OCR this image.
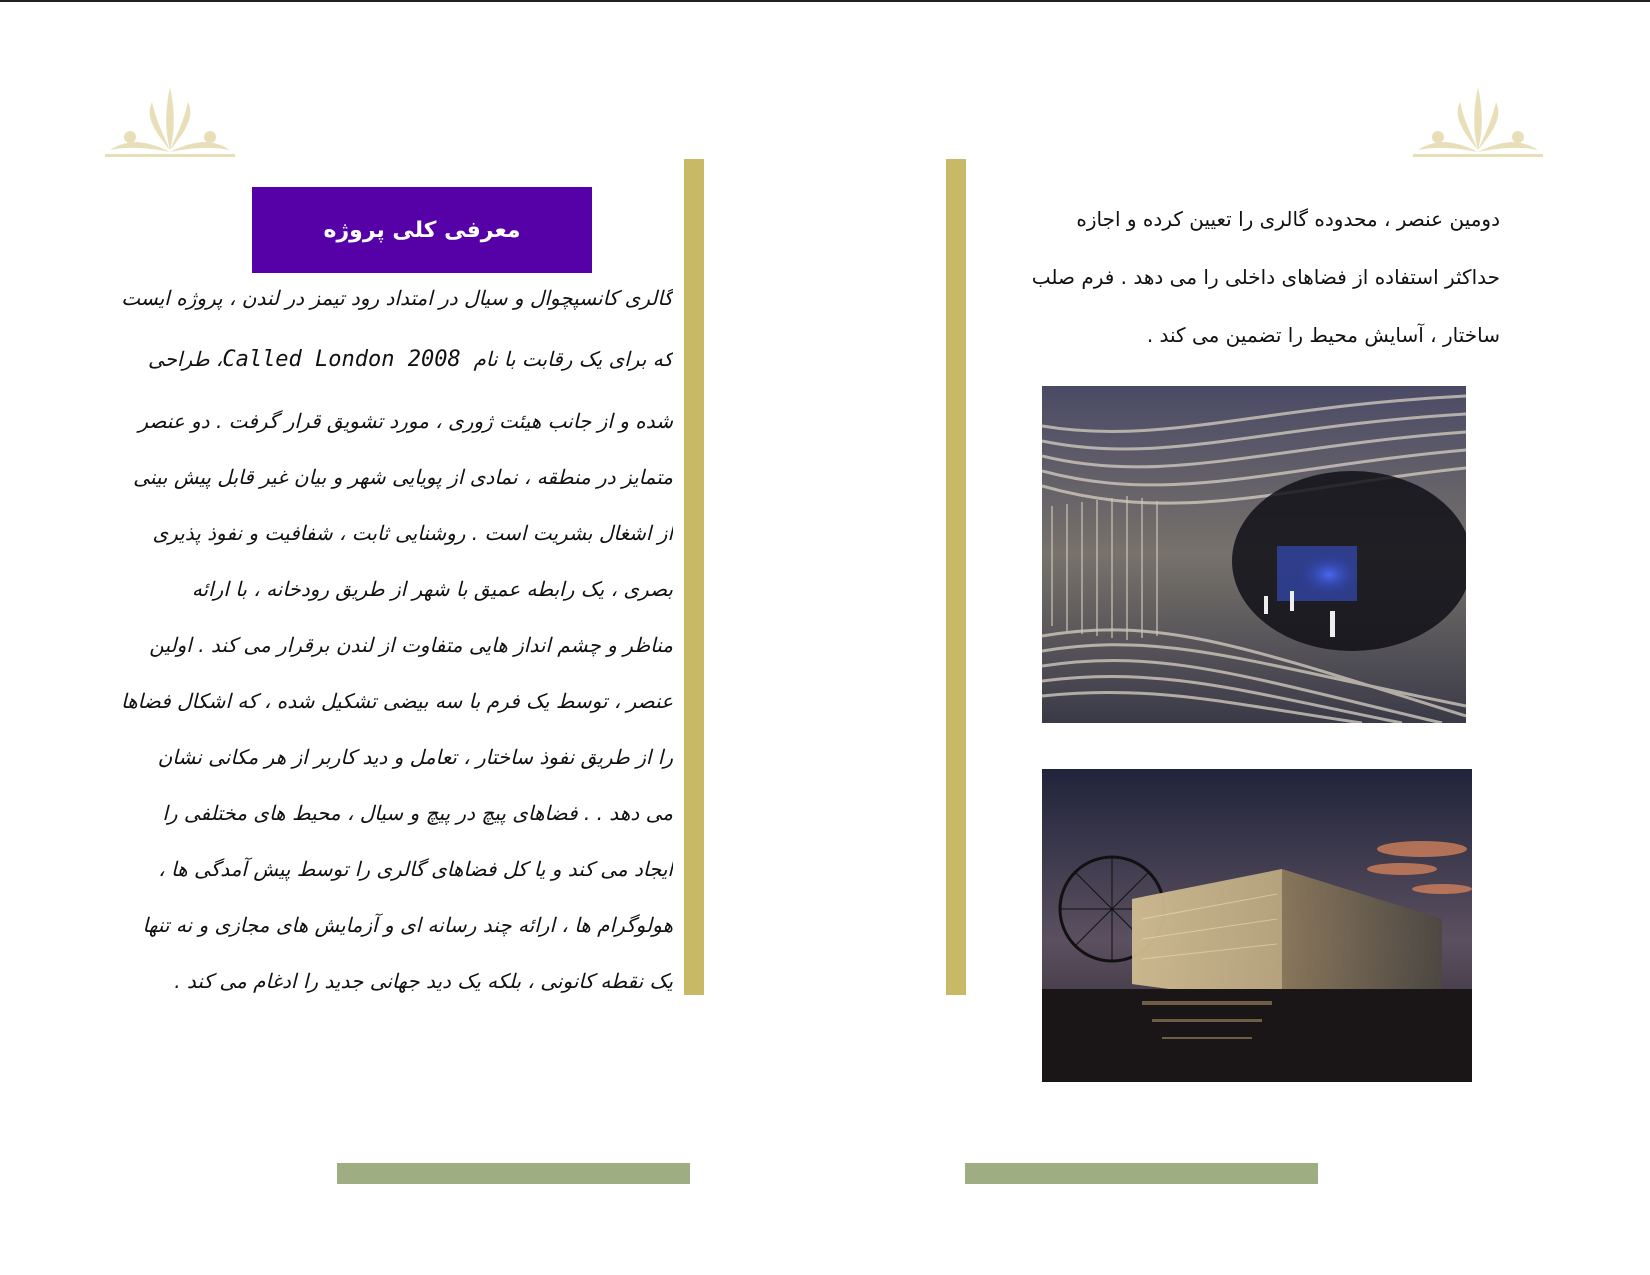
معرفی کلی پروژه
گالری کانسپچوال و سیال در امتداد رود تیمز در لندن ، پروژه ایست
که برای یک رقابت با نام  Called London 2008، طراحی
شده و از جانب هیئت ژوری ، مورد تشویق قرار گرفت . دو عنصر
متمایز در منطقه ، نمادی از پویایی شهر و بیان غیر قابل پیش بینی
از اشغال بشریت است . روشنایی ثابت ، شفافیت و نفوذ پذیری
بصری ، یک رابطه عمیق با شهر از طریق رودخانه ، با ارائه
مناظر و چشم انداز هایی متفاوت از لندن برقرار می کند . اولین
عنصر ، توسط یک فرم با سه بیضی تشکیل شده ، که اشکال فضاها
را از طریق نفوذ ساختار ، تعامل و دید کاربر از هر مکانی نشان
می دهد . . فضاهای پیچ در پیچ و سیال ، محیط های مختلفی را
ایجاد می کند و یا کل فضاهای گالری را توسط پیش آمدگی ها ،
هولوگرام ها ، ارائه چند رسانه ای و آزمایش های مجازی و نه تنها
یک نقطه کانونی ، بلکه یک دید جهانی جدید را ادغام می کند .
دومین عنصر ، محدوده گالری را تعیین کرده و اجازه
حداکثر استفاده از فضاهای داخلی را می دهد . فرم صلب
ساختار ، آسایش محیط را تضمین می کند .
